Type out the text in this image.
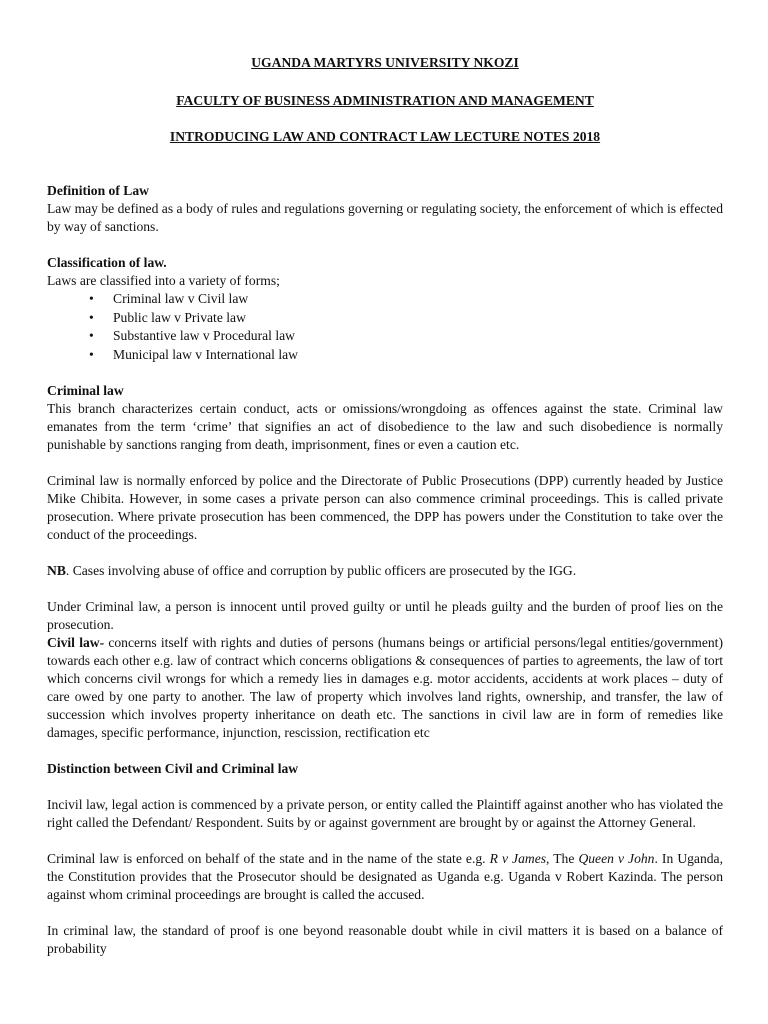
UGANDA MARTYRS UNIVERSITY NKOZI
FACULTY OF BUSINESS ADMINISTRATION AND MANAGEMENT
INTRODUCING LAW AND CONTRACT LAW LECTURE NOTES 2018
Definition of Law

Law may be defined as a body of rules and regulations governing or regulating society, the enforcement of which is effected by way of sanctions.

Classification of law.

Laws are classified into a variety of forms;

• Criminal law v Civil law
• Public law v Private law
• Substantive law v Procedural law
• Municipal law v International law
Criminal law

This branch characterizes certain conduct, acts or omissions/wrongdoing as offences against the state. Criminal law emanates from the term ‘crime’ that signifies an act of disobedience to the law and such disobedience is normally punishable by sanctions ranging from death, imprisonment, fines or even a caution etc.

Criminal law is normally enforced by police and the Directorate of Public Prosecutions (DPP) currently headed by Justice Mike Chibita. However, in some cases a private person can also commence criminal proceedings. This is called private prosecution. Where private prosecution has been commenced, the DPP has powers under the Constitution to take over the conduct of the proceedings.

NB. Cases involving abuse of office and corruption by public officers are prosecuted by the IGG.

Under Criminal law, a person is innocent until proved guilty or until he pleads guilty and the burden of proof lies on the prosecution.

Civil law- concerns itself with rights and duties of persons (humans beings or artificial persons/legal entities/government) towards each other e.g. law of contract which concerns obligations & consequences of parties to agreements, the law of tort which concerns civil wrongs for which a remedy lies in damages e.g. motor accidents, accidents at work places – duty of care owed by one party to another. The law of property which involves land rights, ownership, and transfer, the law of succession which involves property inheritance on death etc. The sanctions in civil law are in form of remedies like damages, specific performance, injunction, rescission, rectification etc

Distinction between Civil and Criminal law

Incivil law, legal action is commenced by a private person, or entity called the Plaintiff against another who has violated the right called the Defendant/ Respondent. Suits by or against government are brought by or against the Attorney General.

Criminal law is enforced on behalf of the state and in the name of the state e.g. R v James, The Queen v John. In Uganda, the Constitution provides that the Prosecutor should be designated as Uganda e.g. Uganda v Robert Kazinda. The person against whom criminal proceedings are brought is called the accused.

In criminal law, the standard of proof is one beyond reasonable doubt while in civil matters it is based on a balance of probability
